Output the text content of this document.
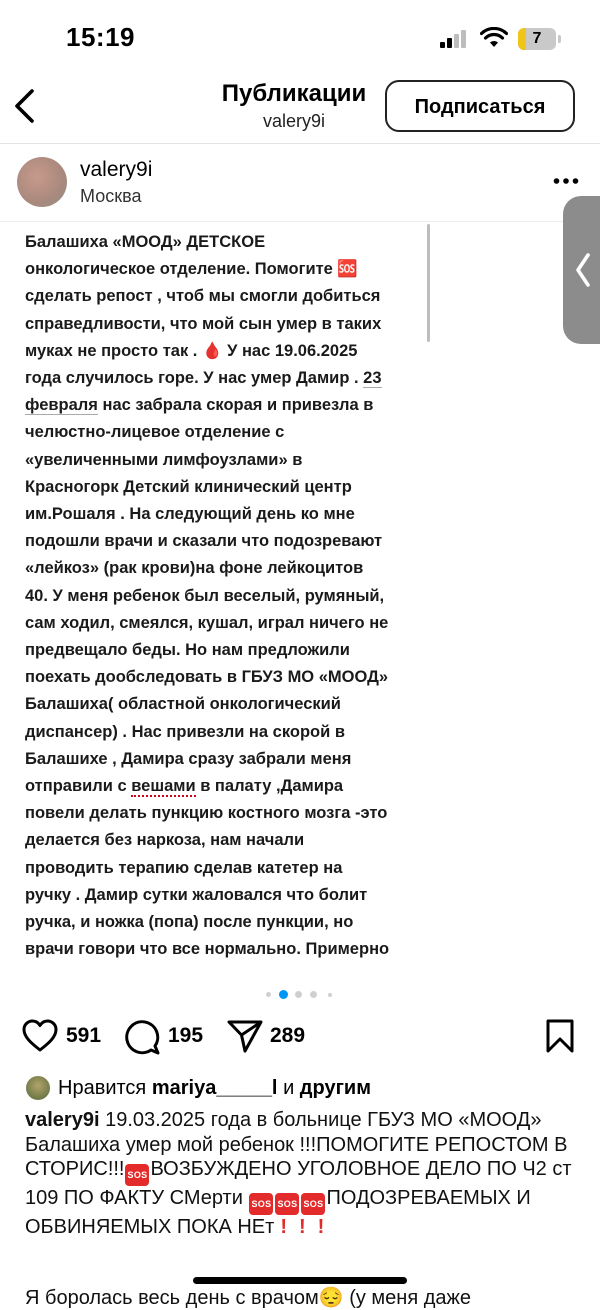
15:19	7
Публикации
valery9i
Подписаться
valery9i
Москва

Балашиха «МООД» ДЕТСКОЕ

онкологическое отделение. Помогите 🆘

сделать репост , чтоб мы смогли добиться

справедливости, что мой сын умер в таких

муках не просто так . 🩸 У нас 19.06.2025

года случилось горе. У нас умер Дамир . 23

февраля нас забрала скорая и привезла в

челюстно-лицевое отделение с

«увеличенными лимфоузлами» в

Красногорк Детский клинический центр

им.Рошаля . На следующий день ко мне

подошли врачи и сказали что подозревают

«лейкоз» (рак крови)на фоне лейкоцитов

40. У меня ребенок был веселый, румяный,

сам ходил, смеялся, кушал, играл ничего не

предвещало беды. Но нам предложили

поехать дообследовать в ГБУЗ МО «МООД»

Балашиха( областной онкологический

диспансер) . Нас привезли на скорой в

Балашихе , Дамира сразу забрали меня

отправили с вешами в палату ,Дамира

повели делать пункцию костного мозга -это

делается без наркоза, нам начали

проводить терапию сделав катетер на

ручку . Дамир сутки жаловался что болит

ручка, и ножка (попа) после пункции, но

врачи говори что все нормально. Примерно

591	195	289
Нравится mariya_____l и другим
valery9i 19.03.2025 года в больнице ГБУЗ МО «МООД» Балашиха умер мой ребенок !!!ПОМОГИТЕ РЕПОСТОМ В СТОРИС!!! SOS ВОЗБУЖДЕНО УГОЛОВНОЕ ДЕЛО ПО Ч2 ст 109 ПО ФАКТУ СМерти SOS SOS SOS ПОДОЗРЕВАЕМЫХ И ОБВИНЯЕМЫХ ПОКА НЕт ! ! !
Я боролась весь день с врачом😔 (у меня даже
